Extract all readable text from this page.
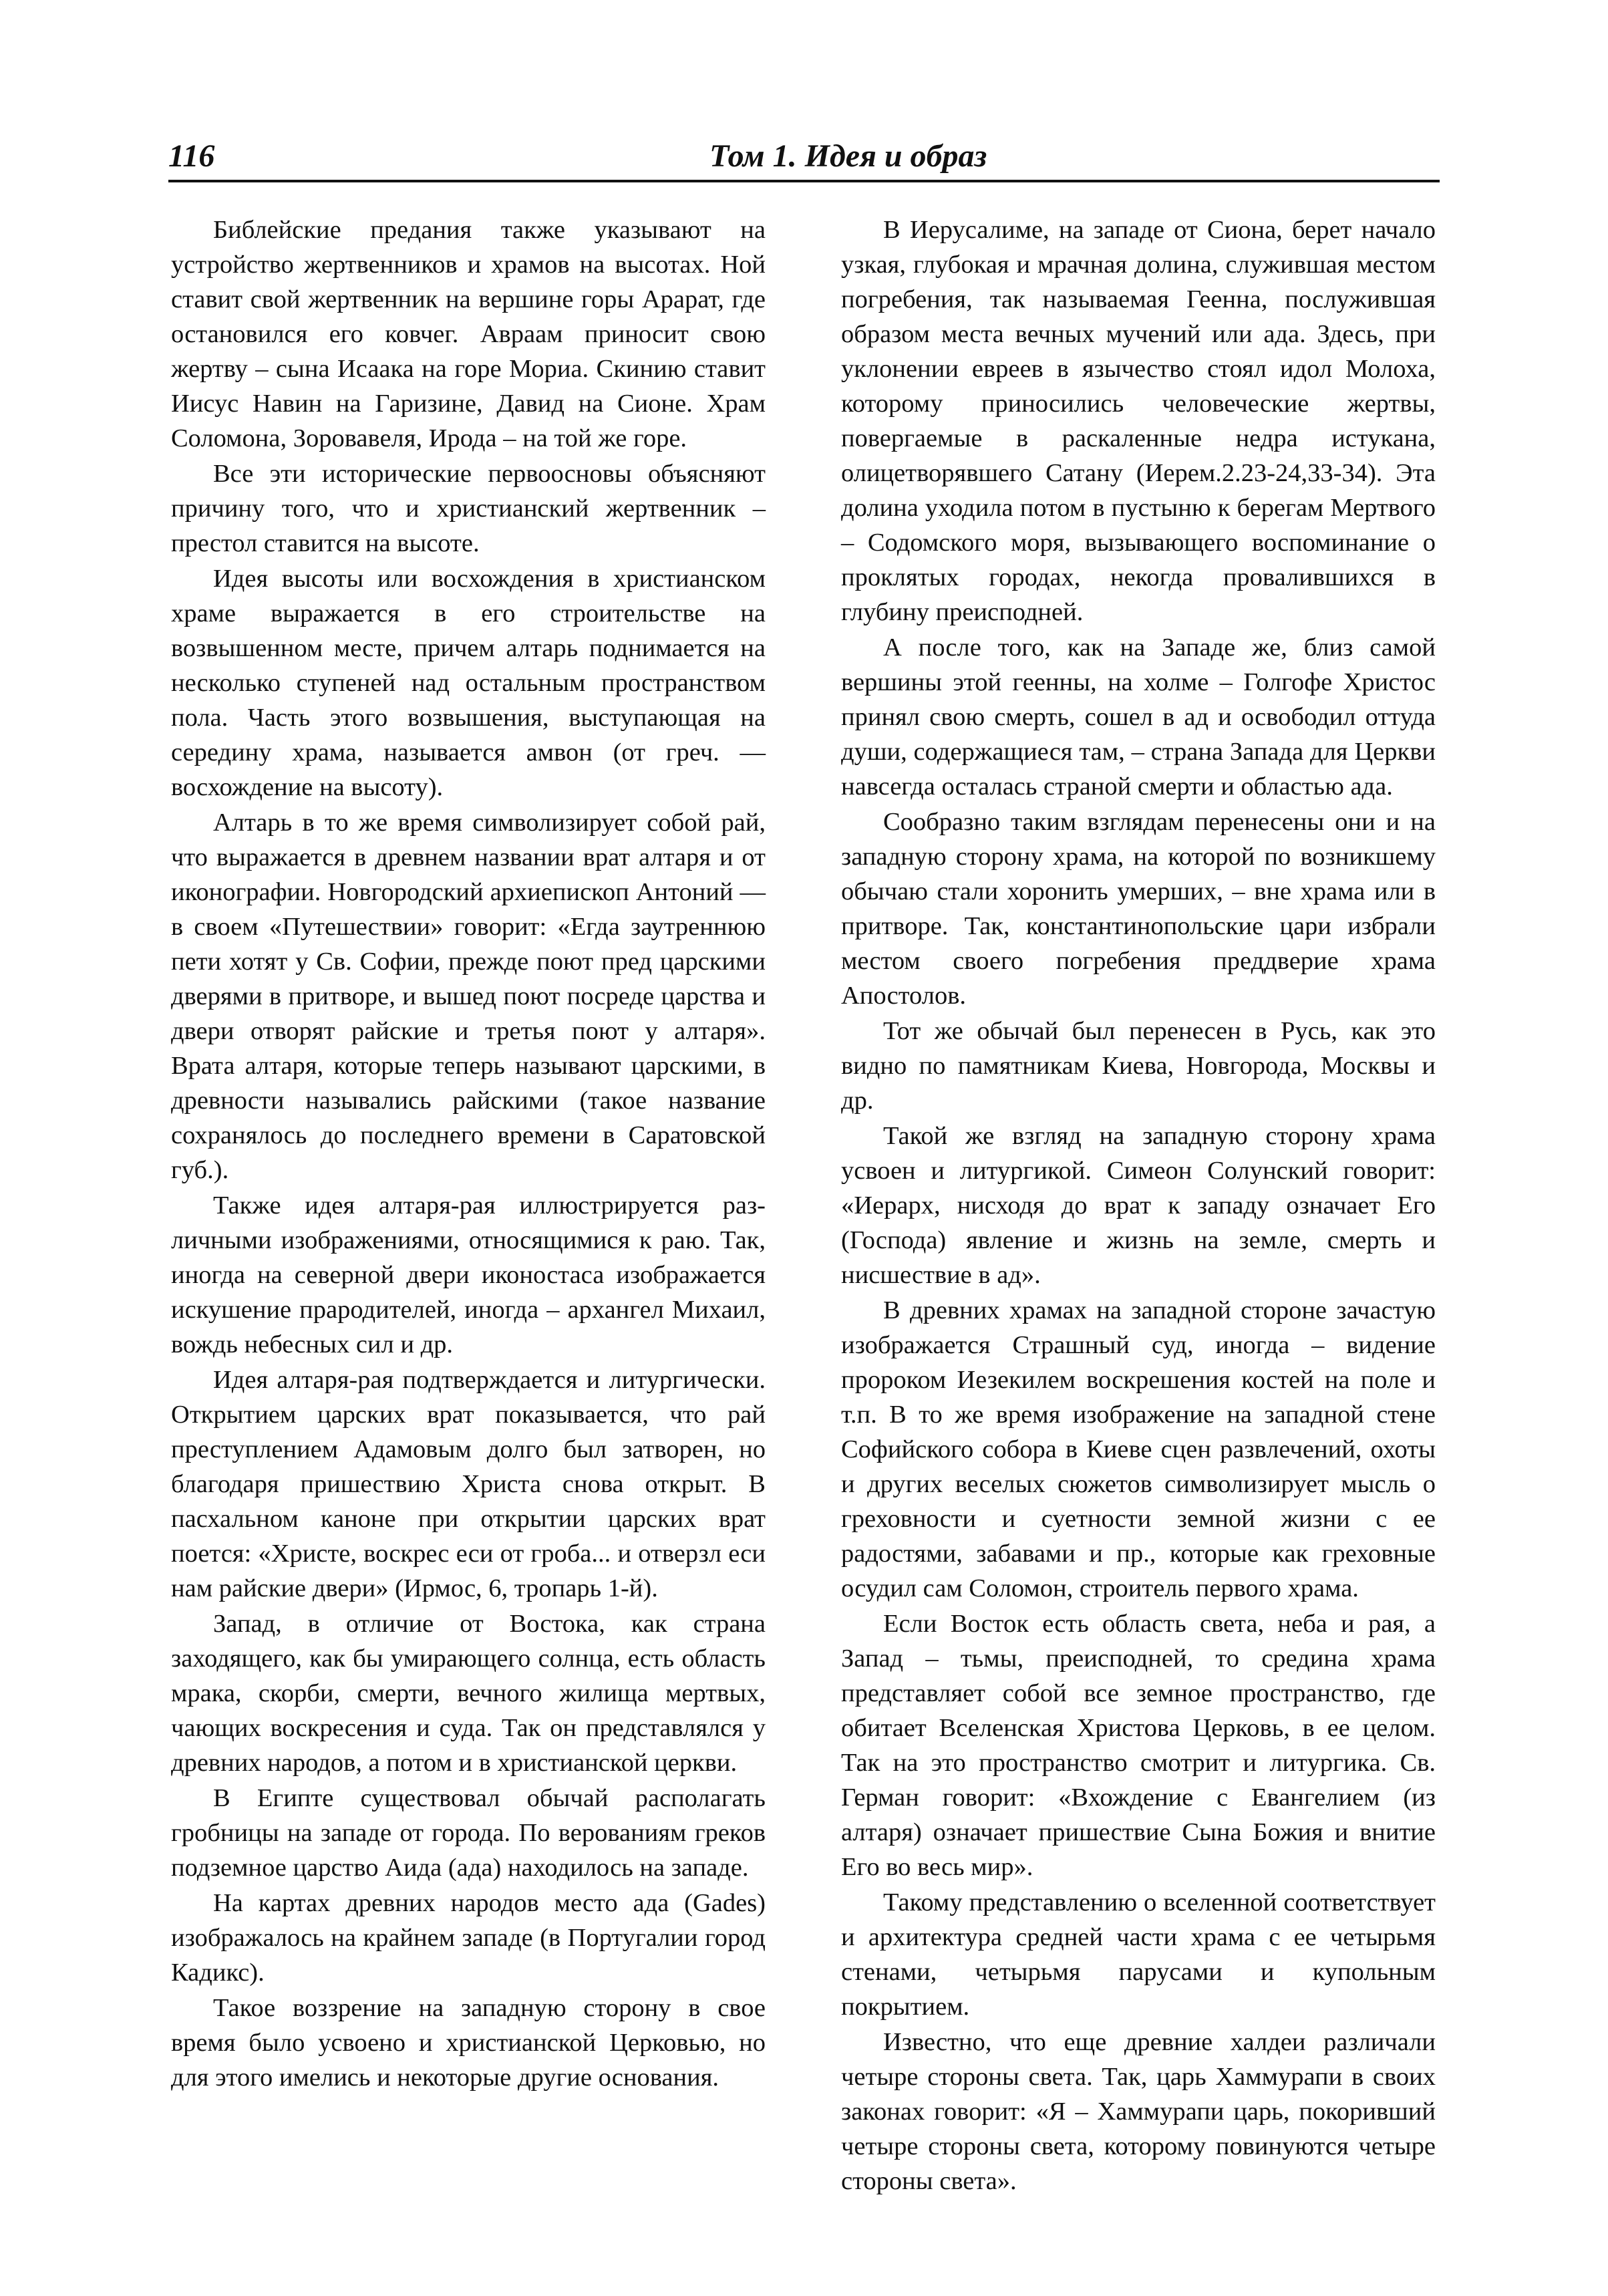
116	Том 1. Идея и образ

Библейские предания также указывают на устройство жертвенников и храмов на высотах. Ной ставит свой жертвенник на вершине горы Арарат, где остановился его ковчег. Авраам приносит свою жертву – сына Исаака на горе Мориа. Скинию ставит Иисус Навин на Гаризине, Давид на Сионе. Храм Соломона, Зоровавеля, Ирода – на той же горе.

Все эти исторические первоосновы объясняют причину того, что и христианский жертвенник – престол ставится на высоте.

Идея высоты или восхождения в христианском храме выражается в его строительстве на возвышенном месте, причем алтарь поднимается на несколько ступеней над остальным пространством пола. Часть этого возвышения, выступающая на середину храма, называется амвон (от греч. — восхождение на высоту).

Алтарь в то же время символизирует собой рай, что выражается в древнем названии врат алтаря и от иконографии. Новгородский архиепископ Антоний — в своем «Путешествии» говорит: «Егда заутреннюю пети хотят у Св. Софии, прежде поют пред царскими дверями в притворе, и вышед поют посреде царства и двери отворят райские и третья поют у алтаря». Врата алтаря, которые теперь называют царскими, в древности назывались райскими (такое название сохранялось до последнего времени в Саратовской губ.).

Также идея алтаря-рая иллюстрируется различными изображениями, относящимися к раю. Так, иногда на северной двери иконостаса изображается искушение прародителей, иногда – архангел Михаил, вождь небесных сил и др.

Идея алтаря-рая подтверждается и литургически. Открытием царских врат показывается, что рай преступлением Адамовым долго был затворен, но благодаря пришествию Христа снова открыт. В пасхальном каноне при открытии царских врат поется: «Христе, воскрес еси от гроба... и отверзл еси нам райские двери» (Ирмос, 6, тропарь 1-й).

Запад, в отличие от Востока, как страна заходящего, как бы умирающего солнца, есть область мрака, скорби, смерти, вечного жилища мертвых, чающих воскресения и суда. Так он представлялся у древних народов, а потом и в христианской церкви.

В Египте существовал обычай располагать гробницы на западе от города. По верованиям греков подземное царство Аида (ада) находилось на западе.

На картах древних народов место ада (Gades) изображалось на крайнем западе (в Португалии город Кадикс).

Такое воззрение на западную сторону в свое время было усвоено и христианской Церковью, но для этого имелись и некоторые другие основания.

В Иерусалиме, на западе от Сиона, берет начало узкая, глубокая и мрачная долина, служившая местом погребения, так называемая Геенна, послужившая образом места вечных мучений или ада. Здесь, при уклонении евреев в язычество стоял идол Молоха, которому приносились человеческие жертвы, повергаемые в раскаленные недра истукана, олицетворявшего Сатану (Иерем.2.23-24,33-34). Эта долина уходила потом в пустыню к берегам Мертвого – Содомского моря, вызывающего воспоминание о проклятых городах, некогда провалившихся в глубину преисподней.

А после того, как на Западе же, близ самой вершины этой геенны, на холме – Голгофе Христос принял свою смерть, сошел в ад и освободил оттуда души, содержащиеся там, – страна Запада для Церкви навсегда осталась страной смерти и областью ада.

Сообразно таким взглядам перенесены они и на западную сторону храма, на которой по возникшему обычаю стали хоронить умерших, – вне храма или в притворе. Так, константинопольские цари избрали местом своего погребения преддверие храма Апостолов.

Тот же обычай был перенесен в Русь, как это видно по памятникам Киева, Новгорода, Москвы и др.

Такой же взгляд на западную сторону храма усвоен и литургикой. Симеон Солунский говорит: «Иерарх, нисходя до врат к западу означает Его (Господа) явление и жизнь на земле, смерть и нисшествие в ад».

В древних храмах на западной стороне зачастую изображается Страшный суд, иногда – видение пророком Иезекилем воскрешения костей на поле и т.п. В то же время изображение на западной стене Софийского собора в Киеве сцен развлечений, охоты и других веселых сюжетов символизирует мысль о греховности и суетности земной жизни с ее радостями, забавами и пр., которые как греховные осудил сам Соломон, строитель первого храма.

Если Восток есть область света, неба и рая, а Запад – тьмы, преисподней, то средина храма представляет собой все земное пространство, где обитает Вселенская Христова Церковь, в ее целом. Так на это пространство смотрит и литургика. Св. Герман говорит: «Вхождение с Евангелием (из алтаря) означает пришествие Сына Божия и внитие Его во весь мир».

Такому представлению о вселенной соответствует и архитектура средней части храма с ее четырьмя стенами, четырьмя парусами и купольным покрытием.

Известно, что еще древние халдеи различали четыре стороны света. Так, царь Хаммурапи в своих законах говорит: «Я – Хаммурапи царь, покоривший четыре стороны света, которому повинуются четыре стороны света».
